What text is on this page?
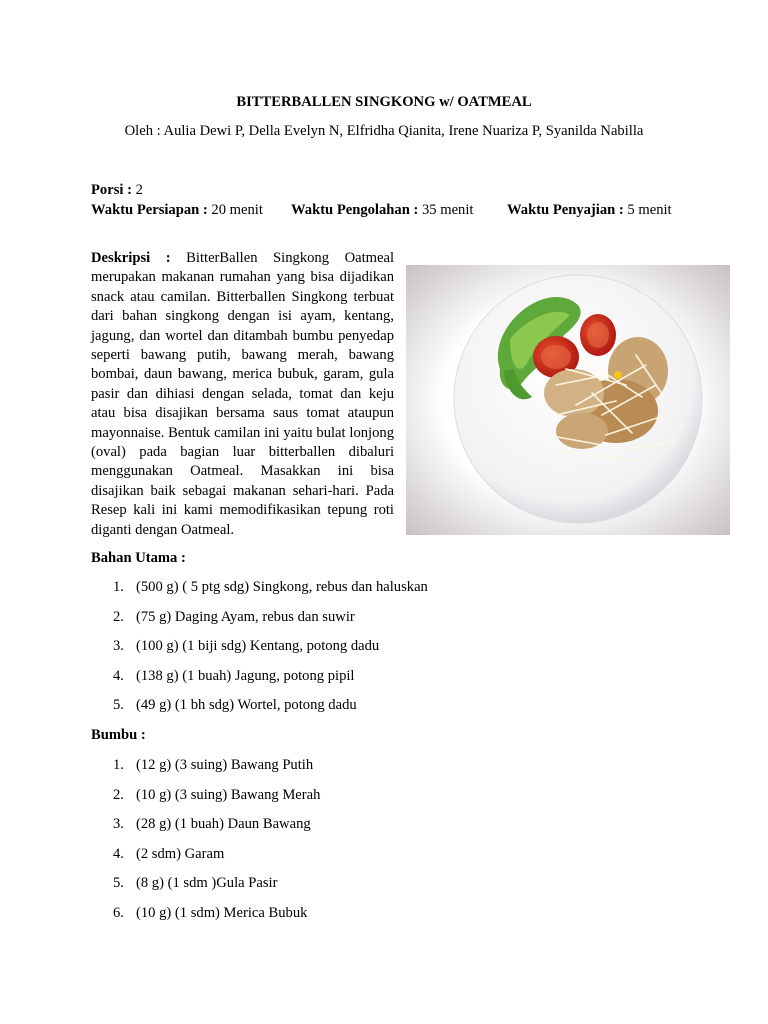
BITTERBALLEN SINGKONG w/ OATMEAL
Oleh : Aulia Dewi P, Della Evelyn N, Elfridha Qianita, Irene Nuariza P, Syanilda Nabilla
Porsi : 2
Waktu Persiapan : 20 menit Waktu Pengolahan : 35 menit Waktu Penyajian : 5 menit

Deskripsi : BitterBallen Singkong Oatmeal merupakan makanan rumahan yang bisa dijadikan snack atau camilan. Bitterballen Singkong terbuat dari bahan singkong dengan isi ayam, kentang, jagung, dan wortel dan ditambah bumbu penyedap seperti bawang putih, bawang merah, bawang bombai, daun bawang, merica bubuk, garam, gula pasir dan dihiasi dengan selada, tomat dan keju atau bisa disajikan bersama saus tomat ataupun mayonnaise. Bentuk camilan ini yaitu bulat lonjong (oval) pada bagian luar bitterballen dibaluri menggunakan Oatmeal. Masakkan ini bisa disajikan baik sebagai makanan sehari-hari. Pada Resep kali ini kami memodifikasikan tepung roti diganti dengan Oatmeal.

Bahan Utama :

1. (500 g) ( 5 ptg sdg) Singkong, rebus dan haluskan
2. (75 g) Daging Ayam, rebus dan suwir
3. (100 g) (1 biji sdg) Kentang, potong dadu
4. (138 g) (1 buah) Jagung, potong pipil
5. (49 g) (1 bh sdg) Wortel, potong dadu

Bumbu :

1. (12 g) (3 suing) Bawang Putih
2. (10 g) (3 suing) Bawang Merah
3. (28 g) (1 buah) Daun Bawang
4. (2 sdm) Garam
5. (8 g) (1 sdm )Gula Pasir
6. (10 g) (1 sdm) Merica Bubuk
